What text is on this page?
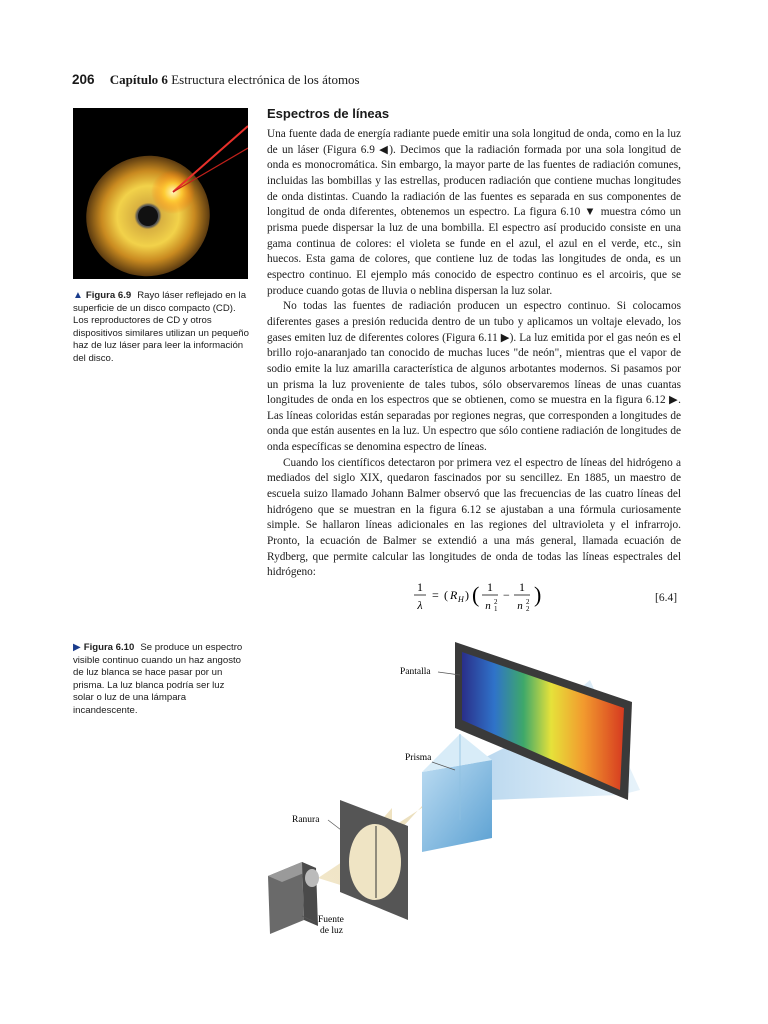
206 Capítulo 6 Estructura electrónica de los átomos
▲ Figura 6.9 Rayo láser reflejado en la superficie de un disco compacto (CD). Los reproductores de CD y otros dispositivos similares utilizan un pequeño haz de luz láser para leer la información del disco.
Espectros de líneas

Una fuente dada de energía radiante puede emitir una sola longitud de onda, como en la luz de un láser (Figura 6.9 ◀). Decimos que la radiación formada por una sola longitud de onda es monocromática. Sin embargo, la mayor parte de las fuentes de radiación comunes, incluidas las bombillas y las estrellas, producen radiación que contiene muchas longitudes de onda distintas. Cuando la radiación de las fuentes es separada en sus componentes de longitud de onda diferentes, obtenemos un espectro. La figura 6.10 ▼ muestra cómo un prisma puede dispersar la luz de una bombilla. El espectro así producido consiste en una gama continua de colores: el violeta se funde en el azul, el azul en el verde, etc., sin huecos. Esta gama de colores, que contiene luz de todas las longitudes de onda, es un espectro continuo. El ejemplo más conocido de espectro continuo es el arcoiris, que se produce cuando gotas de lluvia o neblina dispersan la luz solar.

No todas las fuentes de radiación producen un espectro continuo. Si colocamos diferentes gases a presión reducida dentro de un tubo y aplicamos un voltaje elevado, los gases emiten luz de diferentes colores (Figura 6.11 ▶). La luz emitida por el gas neón es el brillo rojo-anaranjado tan conocido de muchas luces "de neón", mientras que el vapor de sodio emite la luz amarilla característica de algunos arbotantes modernos. Si pasamos por un prisma la luz proveniente de tales tubos, sólo observaremos líneas de unas cuantas longitudes de onda en los espectros que se obtienen, como se muestra en la figura 6.12 ▶. Las líneas coloridas están separadas por regiones negras, que corresponden a longitudes de onda que están ausentes en la luz. Un espectro que sólo contiene radiación de longitudes de onda específicas se denomina espectro de líneas.

Cuando los científicos detectaron por primera vez el espectro de líneas del hidrógeno a mediados del siglo XIX, quedaron fascinados por su sencillez. En 1885, un maestro de escuela suizo llamado Johann Balmer observó que las frecuencias de las cuatro líneas del hidrógeno que se muestran en la figura 6.12 se ajustaban a una fórmula curiosamente simple. Se hallaron líneas adicionales en las regiones del ultravioleta y el infrarrojo. Pronto, la ecuación de Balmer se extendió a una más general, llamada ecuación de Rydberg, que permite calcular las longitudes de onda de todas las líneas espectrales del hidrógeno:

1
λ
= ( R H ) ( 1
n 1
2 −
1
n 2
2 )	[6.4]
▶ Figura 6.10 Se produce un espectro visible continuo cuando un haz angosto de luz blanca se hace pasar por un prisma. La luz blanca podría ser luz solar o luz de una lámpara incandescente.
Pantalla
Prisma
Ranura
Fuente
de luz
